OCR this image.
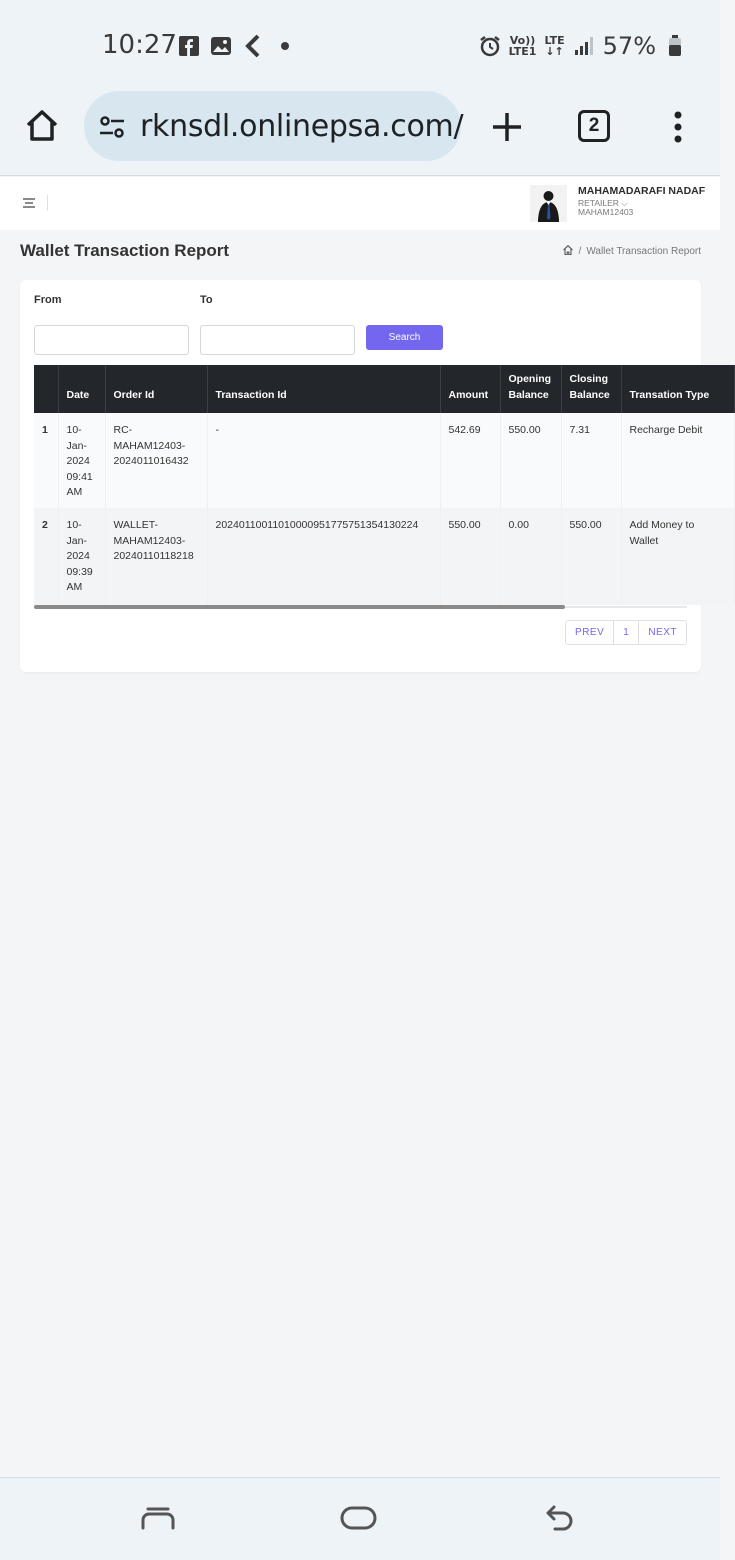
10:27	Vo))
LTE1
LTE
↓↑ 57%
rknsdl.onlinepsa.com/	2
MAHAMADARAFI NADAF
RETAILER ⌵
MAHAM12403
Wallet Transaction Report	/ Wallet Transaction Report
From	To
Search
	Date	Order Id	Transaction Id	Amount	Opening Balance	Closing Balance	Transation Type
1	10-Jan-2024 09:41 AM	RC-MAHAM12403-2024011016432	-	542.69	550.00	7.31	Recharge Debit
2	10-Jan-2024 09:39 AM	WALLET-MAHAM12403-20240110118218	20240110011010000951775751354130224	550.00	0.00	550.00	Add Money to Wallet
PREV	1	NEXT
